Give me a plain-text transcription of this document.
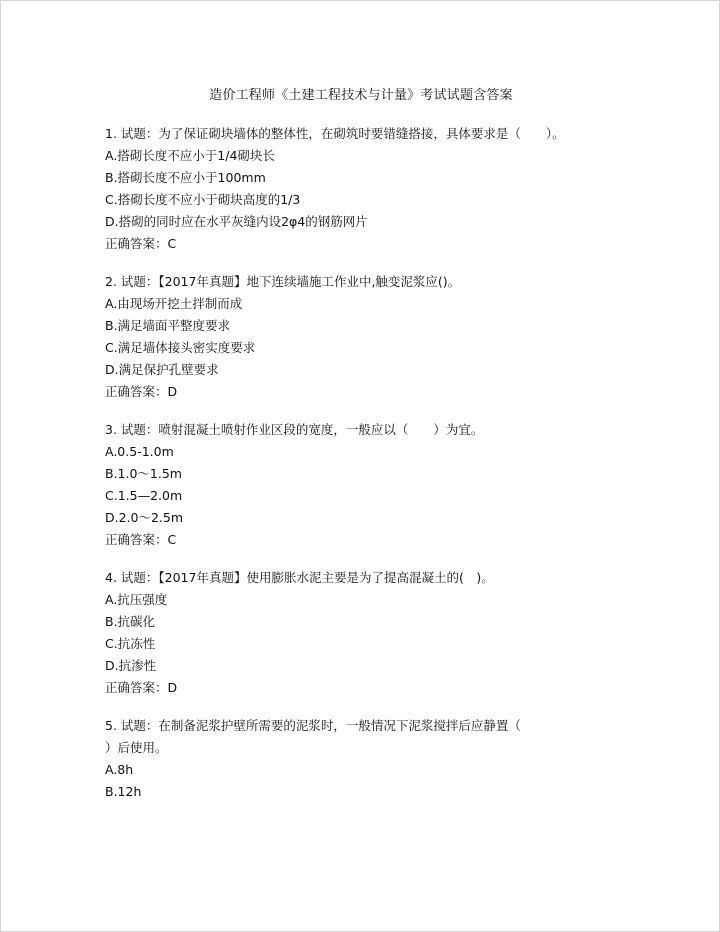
造价工程师《土建工程技术与计量》考试试题含答案
1. 试题：为了保证砌块墙体的整体性，在砌筑时要错缝搭接，具体要求是（　　）。
A.搭砌长度不应小于1/4砌块长
B.搭砌长度不应小于100mm
C.搭砌长度不应小于砌块高度的1/3
D.搭砌的同时应在水平灰缝内设2φ4的钢筋网片
正确答案：C
2. 试题：【2017年真题】地下连续墙施工作业中,触变泥浆应()。
A.由现场开挖土拌制而成
B.满足墙面平整度要求
C.满足墙体接头密实度要求
D.满足保护孔壁要求
正确答案：D
3. 试题：喷射混凝土喷射作业区段的宽度，一般应以（　　）为宜。
A.0.5-1.0m
B.1.0～1.5m
C.1.5—2.0m
D.2.0～2.5m
正确答案：C
4. 试题：【2017年真题】使用膨胀水泥主要是为了提高混凝土的(　)。
A.抗压强度
B.抗碳化
C.抗冻性
D.抗渗性
正确答案：D
5. 试题：在制备泥浆护壁所需要的泥浆时，一般情况下泥浆搅拌后应静置（
）后使用。
A.8h
B.12h
